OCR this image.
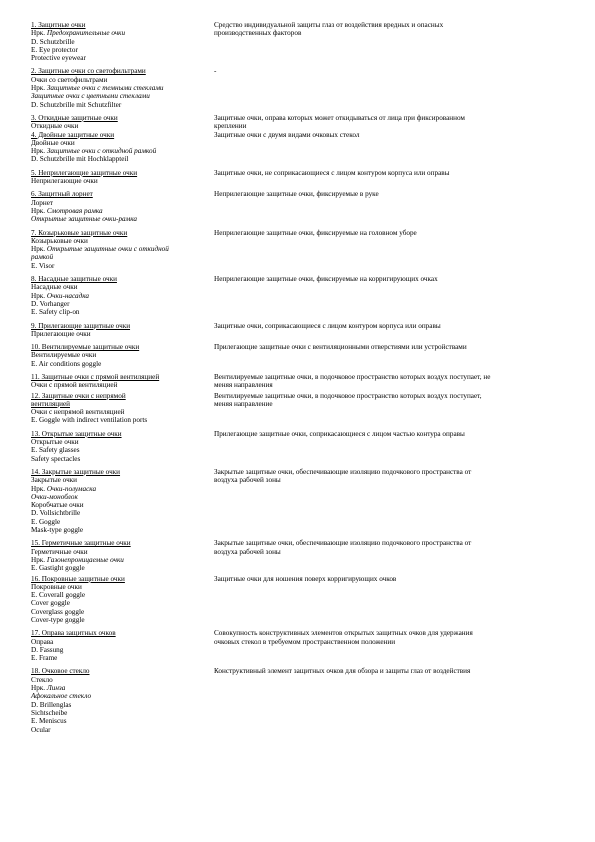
1. Защитные очки
Нрк. Предохранительные очки
D. Schutzbrille
E. Eye protector
Protective eyewear
Средство индивидуальной защиты глаз от воздействия вредных и опасных
производственных факторов
2. Защитные очки со светофильтрами
Очки со светофильтрами
Нрк. Защитные очки с темными стеклами
Защитные очки с цветными стеклами
D. Schutzbrille mit Schutzfilter
-
3. Откидные защитные очки
Откидные очки
Защитные очки, оправа которых может откидываться от лица при фиксированном
креплении
4. Двойные защитные очки
Двойные очки
Нрк. Защитные очки с откидной рамкой
D. Schutzbrille mit Hochklappteil
Защитные очки с двумя видами очковых стекол
5. Неприлегающие защитные очки
Неприлегающие очки
Защитные очки, не соприкасающиеся с лицом контуром корпуса или оправы
6. Защитный лорнет
Лорнет
Нрк. Смотровая рамка
Открытые защитные очки-рамка
Неприлегающие защитные очки, фиксируемые в руке
7. Козырьковые защитные очки
Козырьковые очки
Нрк. Открытые защитные очки с откидной
рамкой
E. Visor
Неприлегающие защитные очки, фиксируемые на головном уборе
8. Насадные защитные очки
Насадные очки
Нрк. Очки-насадка
D. Vorhanger
E. Safety clip-on
Неприлегающие защитные очки, фиксируемые на корригирующих очках
9. Прилегающие защитные очки
Прилегающие очки
Защитные очки, соприкасающиеся с лицом контуром корпуса или оправы
10. Вентилируемые защитные очки
Вентилируемые очки
E. Air conditions goggle
Прилегающие защитные очки с вентиляционными отверстиями или устройствами
11. Защитные очки с прямой вентиляцией
Очки с прямой вентиляцией
Вентилируемые защитные очки, в подочковое пространство которых воздух поступает, не
меняя направления
12. Защитные очки с непрямой
вентиляцией
Очки с непрямой вентиляцией
E. Goggle with indirect ventilation ports
Вентилируемые защитные очки, в подочковое пространство которых воздух поступает,
меняя направление
13. Открытые защитные очки
Открытые очки
E. Safety glasses
Safety spectacles
Прилегающие защитные очки, соприкасающиеся с лицом частью контура оправы
14. Закрытые защитные очки
Закрытые очки
Нрк. Очки-полумаска
Очки-моноблок
Коробчатые очки
D. Vollsichtbrille
E. Goggle
Mask-type goggle
Закрытые защитные очки, обеспечивающие изоляцию подочкового пространства от
воздуха рабочей зоны
15. Герметичные защитные очки
Герметичные очки
Нрк. Газонепроницаемые очки
E. Gastight goggle
Закрытые защитные очки, обеспечивающие изоляцию подочкового пространства от
воздуха рабочей зоны
16. Покровные защитные очки
Покровные очки
E. Coverall goggle
Cover goggle
Coverglass goggle
Cover-type goggle
Защитные очки для ношения поверх корригирующих очков
17. Оправа защитных очков
Оправа
D. Fassung
E. Frame
Совокупность конструктивных элементов открытых защитных очков для удержания
очковых стекол в требуемом пространственном положении
18. Очковое стекло
Стекло
Нрк. Линза
Афокальное стекло
D. Brillenglas
Sichtscheibe
E. Meniscus
Ocular
Конструктивный элемент защитных очков для обзора и защиты глаз от воздействия
